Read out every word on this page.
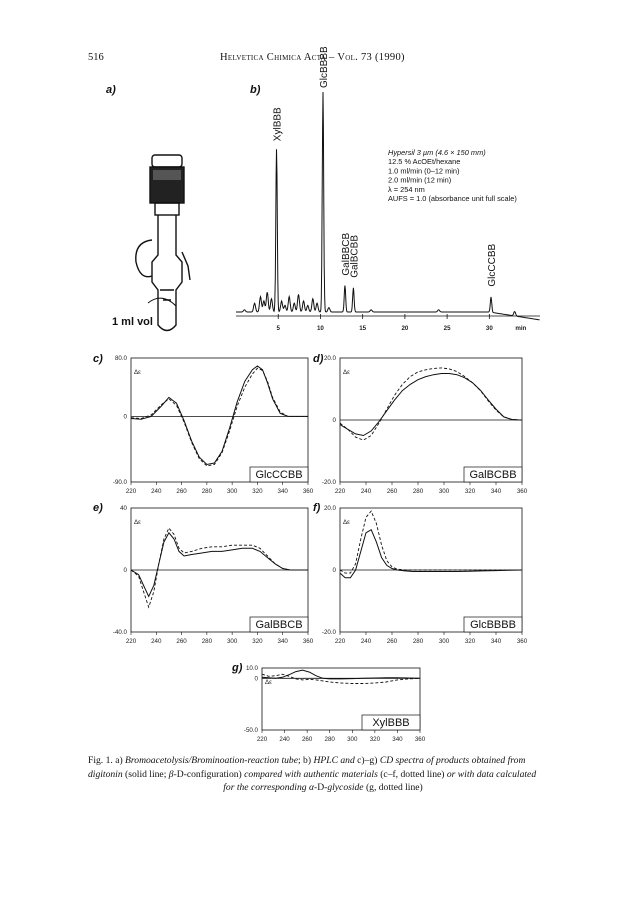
516	Helvetica Chimica Acta – Vol. 73 (1990)
a)	b)
c)	d)
e)	f)
g)
1 ml vol
5	10	15	20	25	30	min
XylBBB
GlcBBBB
GalBBCB
GalBCBB	GlcCCBB
Hypersil 3 µm (4.6 × 150 mm)
12.5 % AcOEt/hexane
1.0 ml/min (0–12 min)
2.0 ml/min (12 min)
λ = 254 nm
AUFS = 1.0 (absorbance unit full scale)
80.0
0
-90.0
Δε
220 240 260 280 300 320 340 360
GlcCCBB
20.0
0
-20.0
Δε
220	240	260	280	300	320	340	360
GalBCBB
40
0
-40.0
Δε
220 240 260 280 300 320 340 360
GalBBCB
20.0
0
-20.0
Δε
220	240	260	280	300	320	340	360
GlcBBBB
10.0
0
-50.0
Δε
220 240 260 280 300 320 340 360
XylBBB
Fig. 1. a) Bromoacetolysis/Brominoation-reaction tube; b) HPLC and c)–g) CD spectra of products obtained from
digitonin (solid line; β-D-configuration) compared with authentic materials (c–f, dotted line) or with data calculated

for the corresponding α-D-glycoside (g, dotted line)
